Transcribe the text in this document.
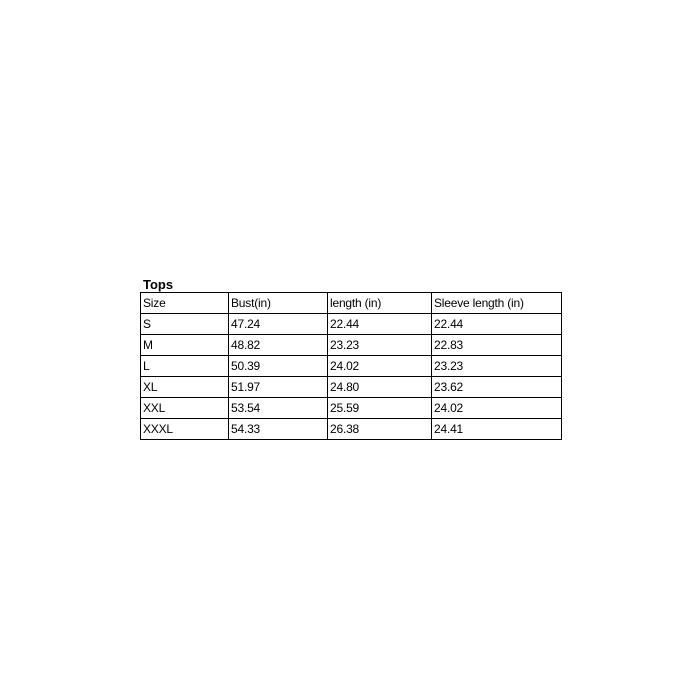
Tops
Size	Bust(in)	length (in)	Sleeve length (in)
S	47.24	22.44	22.44
M	48.82	23.23	22.83
L	50.39	24.02	23.23
XL	51.97	24.80	23.62
XXL	53.54	25.59	24.02
XXXL	54.33	26.38	24.41
